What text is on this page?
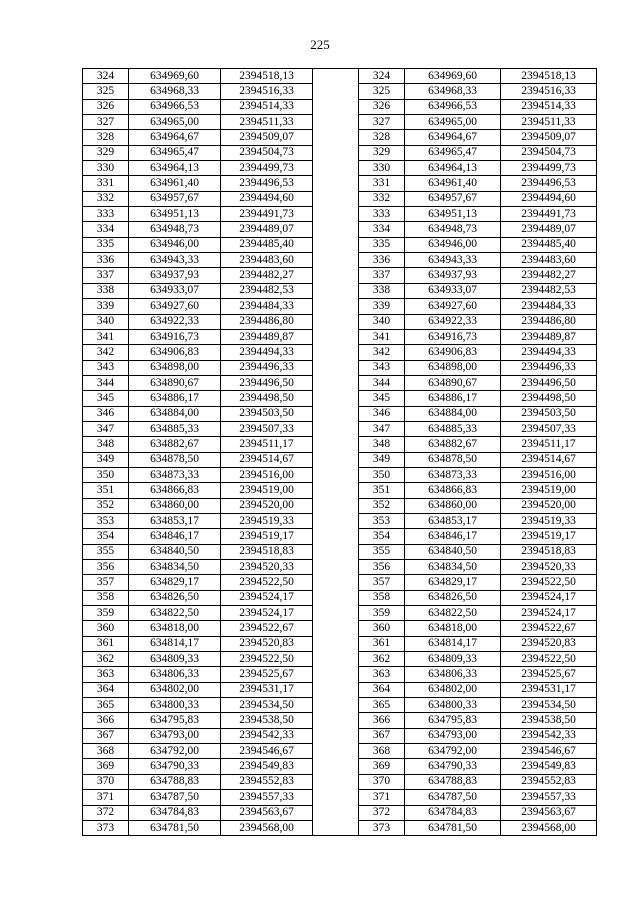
225
324	634969,60	2394518,13		324	634969,60	2394518,13
325	634968,33	2394516,33		325	634968,33	2394516,33
326	634966,53	2394514,33		326	634966,53	2394514,33
327	634965,00	2394511,33		327	634965,00	2394511,33
328	634964,67	2394509,07		328	634964,67	2394509,07
329	634965,47	2394504,73		329	634965,47	2394504,73
330	634964,13	2394499,73		330	634964,13	2394499,73
331	634961,40	2394496,53		331	634961,40	2394496,53
332	634957,67	2394494,60		332	634957,67	2394494,60
333	634951,13	2394491,73		333	634951,13	2394491,73
334	634948,73	2394489,07		334	634948,73	2394489,07
335	634946,00	2394485,40		335	634946,00	2394485,40
336	634943,33	2394483,60		336	634943,33	2394483,60
337	634937,93	2394482,27		337	634937,93	2394482,27
338	634933,07	2394482,53		338	634933,07	2394482,53
339	634927,60	2394484,33		339	634927,60	2394484,33
340	634922,33	2394486,80		340	634922,33	2394486,80
341	634916,73	2394489,87		341	634916,73	2394489,87
342	634906,83	2394494,33		342	634906,83	2394494,33
343	634898,00	2394496,33		343	634898,00	2394496,33
344	634890,67	2394496,50		344	634890,67	2394496,50
345	634886,17	2394498,50		345	634886,17	2394498,50
346	634884,00	2394503,50		346	634884,00	2394503,50
347	634885,33	2394507,33		347	634885,33	2394507,33
348	634882,67	2394511,17		348	634882,67	2394511,17
349	634878,50	2394514,67		349	634878,50	2394514,67
350	634873,33	2394516,00		350	634873,33	2394516,00
351	634866,83	2394519,00		351	634866,83	2394519,00
352	634860,00	2394520,00		352	634860,00	2394520,00
353	634853,17	2394519,33		353	634853,17	2394519,33
354	634846,17	2394519,17		354	634846,17	2394519,17
355	634840,50	2394518,83		355	634840,50	2394518,83
356	634834,50	2394520,33		356	634834,50	2394520,33
357	634829,17	2394522,50		357	634829,17	2394522,50
358	634826,50	2394524,17		358	634826,50	2394524,17
359	634822,50	2394524,17		359	634822,50	2394524,17
360	634818,00	2394522,67		360	634818,00	2394522,67
361	634814,17	2394520,83		361	634814,17	2394520,83
362	634809,33	2394522,50		362	634809,33	2394522,50
363	634806,33	2394525,67		363	634806,33	2394525,67
364	634802,00	2394531,17		364	634802,00	2394531,17
365	634800,33	2394534,50		365	634800,33	2394534,50
366	634795,83	2394538,50		366	634795,83	2394538,50
367	634793,00	2394542,33		367	634793,00	2394542,33
368	634792,00	2394546,67		368	634792,00	2394546,67
369	634790,33	2394549,83		369	634790,33	2394549,83
370	634788,83	2394552,83		370	634788,83	2394552,83
371	634787,50	2394557,33		371	634787,50	2394557,33
372	634784,83	2394563,67		372	634784,83	2394563,67
373	634781,50	2394568,00		373	634781,50	2394568,00
